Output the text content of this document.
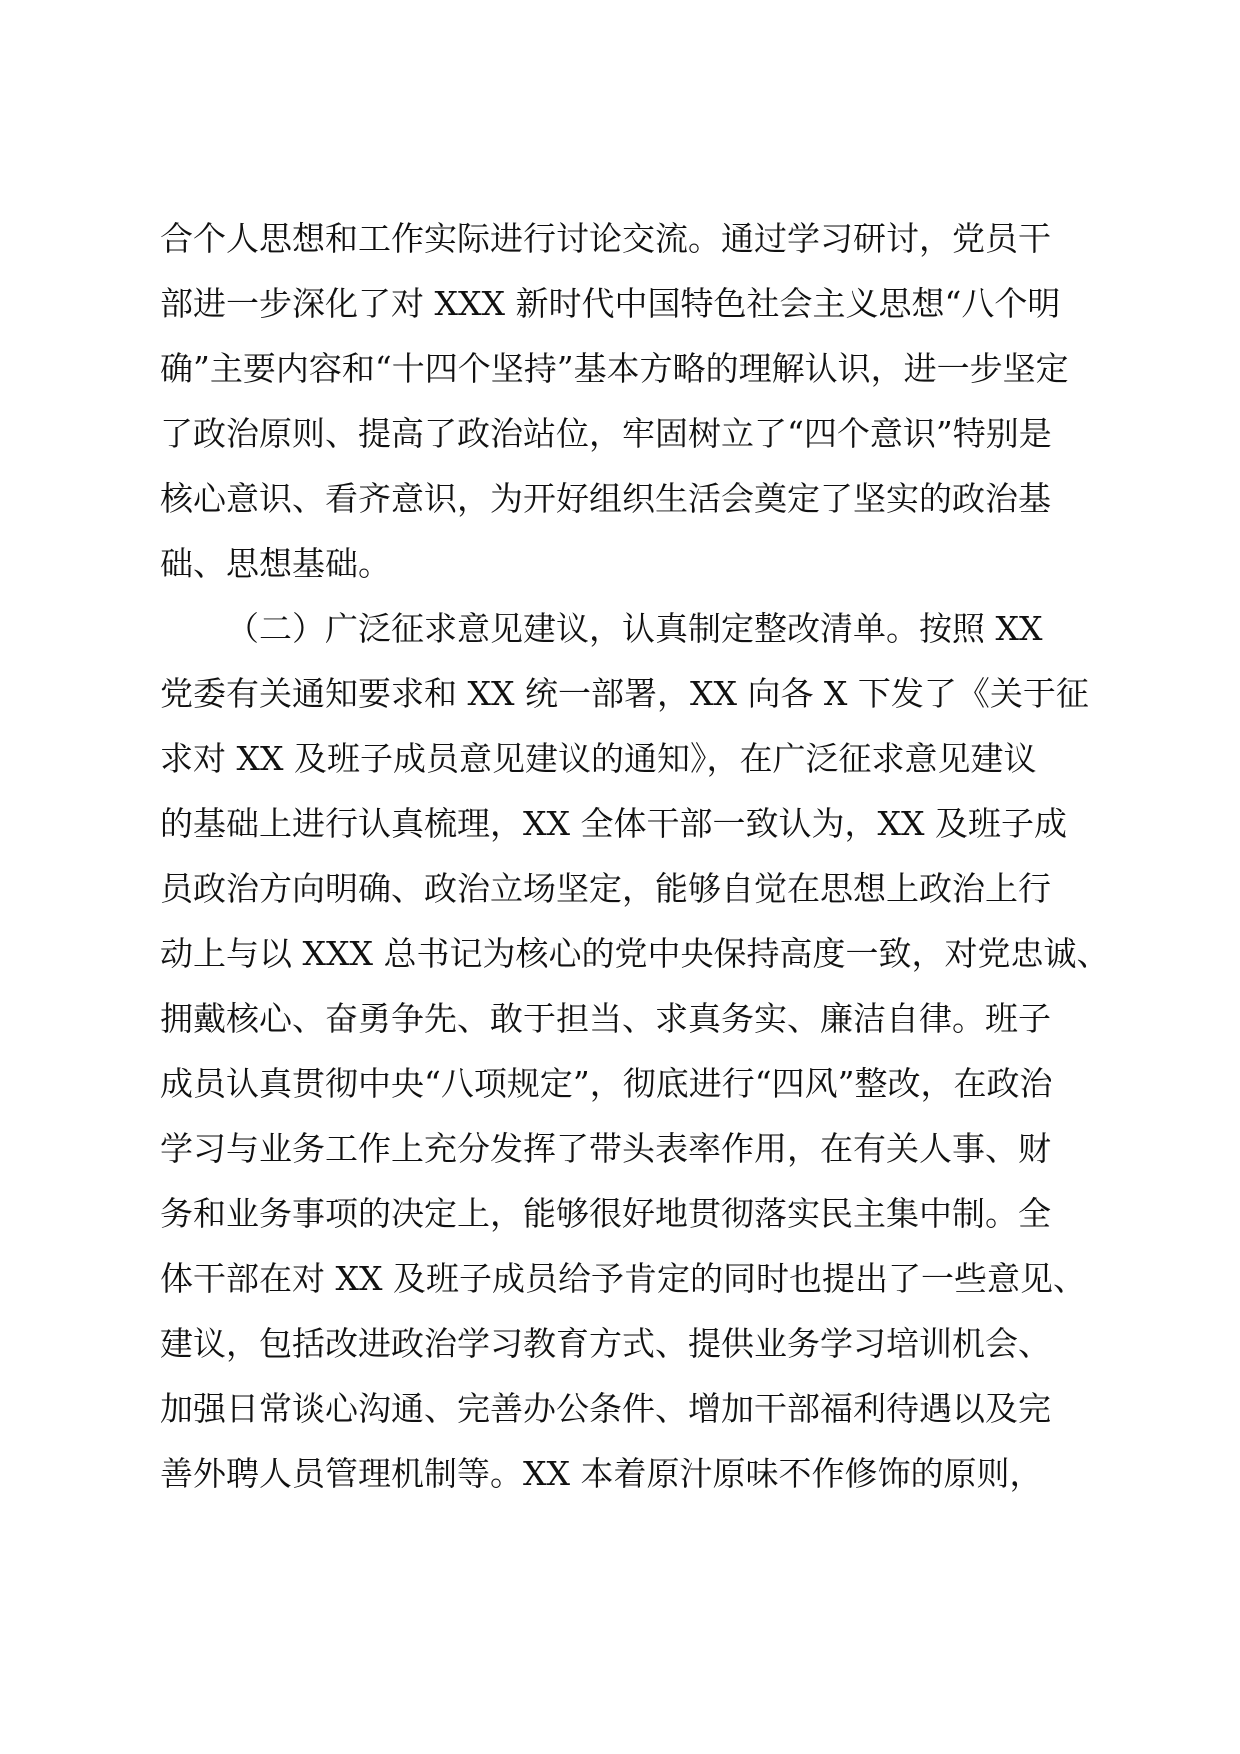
合个人思想和工作实际进行讨论交流。通过学习研讨，党员干
部进一步深化了对 XXX 新时代中国特色社会主义思想“八个明
确”主要内容和“十四个坚持”基本方略的理解认识，进一步坚定
了政治原则、提高了政治站位，牢固树立了“四个意识”特别是
核心意识、看齐意识，为开好组织生活会奠定了坚实的政治基
础、思想基础。
（二）广泛征求意见建议，认真制定整改清单。按照 XX
党委有关通知要求和 XX 统一部署，XX 向各 X 下发了《关于征
求对 XX 及班子成员意见建议的通知》，在广泛征求意见建议
的基础上进行认真梳理，XX 全体干部一致认为，XX 及班子成
员政治方向明确、政治立场坚定，能够自觉在思想上政治上行
动上与以 XXX 总书记为核心的党中央保持高度一致，对党忠诚、
拥戴核心、奋勇争先、敢于担当、求真务实、廉洁自律。班子
成员认真贯彻中央“八项规定”，彻底进行“四风”整改，在政治
学习与业务工作上充分发挥了带头表率作用，在有关人事、财
务和业务事项的决定上，能够很好地贯彻落实民主集中制。全
体干部在对 XX 及班子成员给予肯定的同时也提出了一些意见、
建议，包括改进政治学习教育方式、提供业务学习培训机会、
加强日常谈心沟通、完善办公条件、增加干部福利待遇以及完
善外聘人员管理机制等。XX 本着原汁原味不作修饰的原则，
